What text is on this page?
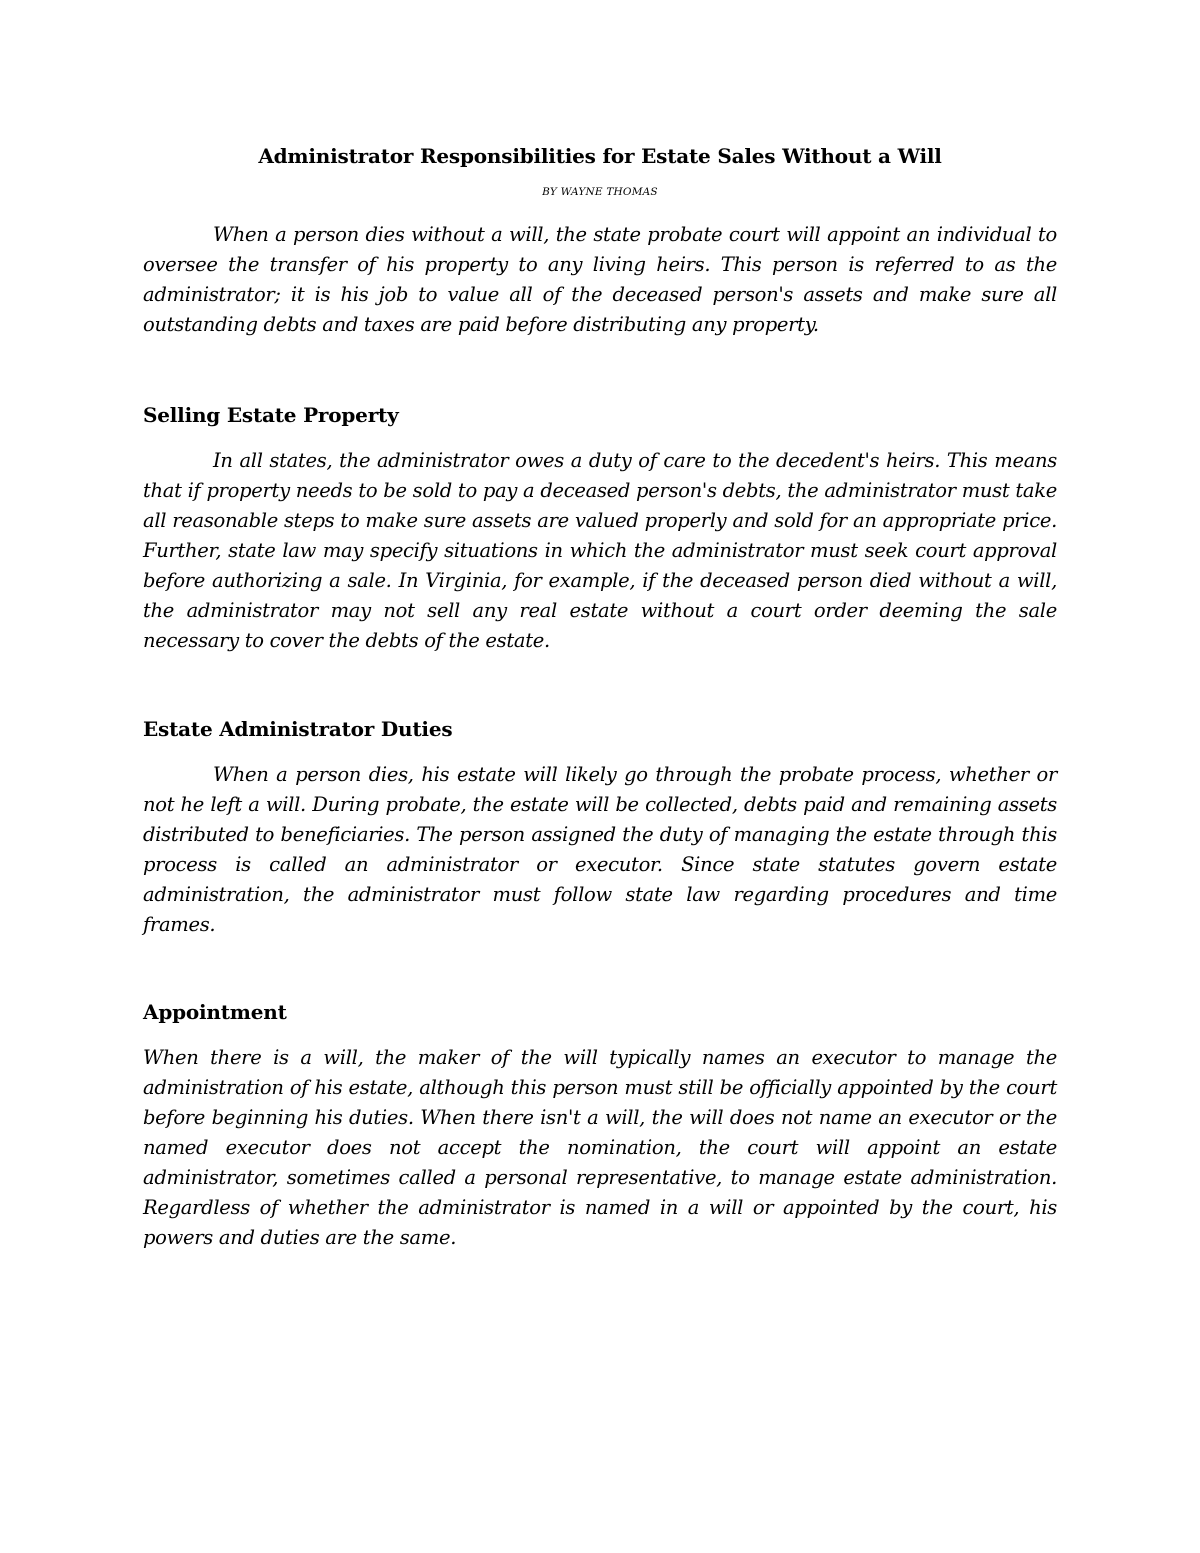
Administrator Responsibilities for Estate Sales Without a Will

BY WAYNE THOMAS

When a person dies without a will, the state probate court will appoint an individual to oversee the transfer of his property to any living heirs. This person is referred to as the administrator; it is his job to value all of the deceased person's assets and make sure all outstanding debts and taxes are paid before distributing any property.

Selling Estate Property

In all states, the administrator owes a duty of care to the decedent's heirs. This means that if property needs to be sold to pay a deceased person's debts, the administrator must take all reasonable steps to make sure assets are valued properly and sold for an appropriate price. Further, state law may specify situations in which the administrator must seek court approval before authorizing a sale. In Virginia, for example, if the deceased person died without a will, the administrator may not sell any real estate without a court order deeming the sale necessary to cover the debts of the estate.

Estate Administrator Duties

When a person dies, his estate will likely go through the probate process, whether or not he left a will. During probate, the estate will be collected, debts paid and remaining assets distributed to beneficiaries. The person assigned the duty of managing the estate through this process is called an administrator or executor. Since state statutes govern estate administration, the administrator must follow state law regarding procedures and time frames.

Appointment

When there is a will, the maker of the will typically names an executor to manage the administration of his estate, although this person must still be officially appointed by the court before beginning his duties. When there isn't a will, the will does not name an executor or the named executor does not accept the nomination, the court will appoint an estate administrator, sometimes called a personal representative, to manage estate administration. Regardless of whether the administrator is named in a will or appointed by the court, his powers and duties are the same.
